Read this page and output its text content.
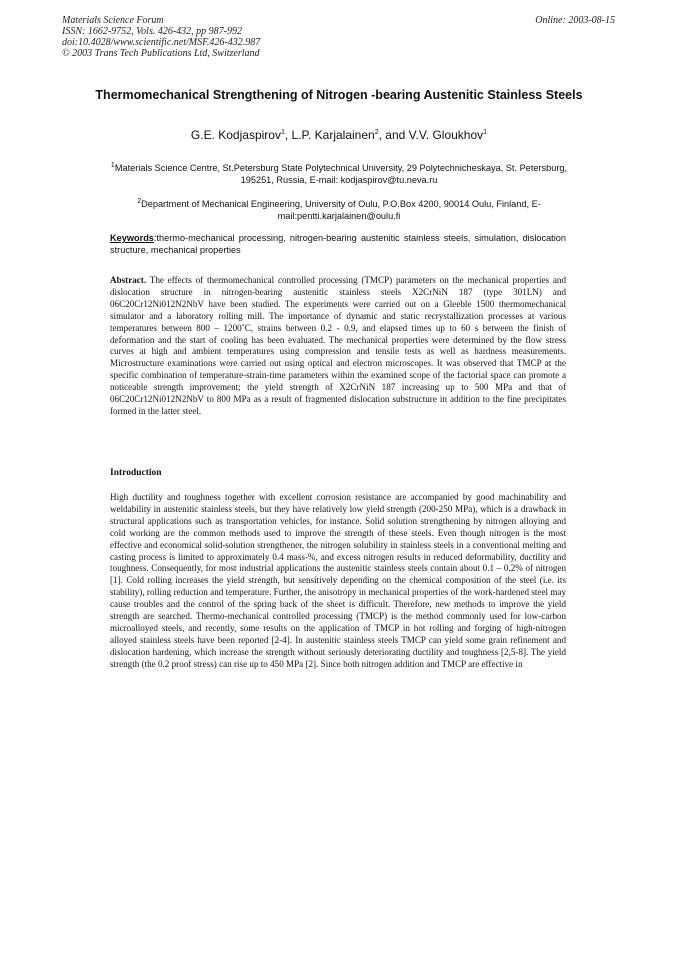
Materials Science Forum
ISSN: 1662-9752, Vols. 426-432, pp 987-992
doi:10.4028/www.scientific.net/MSF.426-432.987
© 2003 Trans Tech Publications Ltd, Switzerland
Online: 2003-08-15
Thermomechanical Strengthening of Nitrogen -bearing Austenitic Stainless Steels
G.E. Kodjaspirov$^1$, L.P. Karjalainen$^2$, and V.V. Gloukhov$^1$
$^1$Materials Science Centre, St.Petersburg State Polytechnical University, 29 Polytechnicheskaya, St. Petersburg, 195251, Russia, E-mail: kodjaspirov@tu.neva.ru
$^2$Department of Mechanical Engineering, University of Oulu, P.O.Box 4200, 90014 Oulu, Finland, E-mail:pentti.karjalainen@oulu.fi
Keywords:thermo-mechanical processing, nitrogen-bearing austenitic stainless steels, simulation, dislocation structure, mechanical properties
Abstract. The effects of thermomechanical controlled processing (TMCP) parameters on the mechanical properties and dislocation structure in nitrogen-bearing austenitic stainless steels X2CrNiN 187 (type 301LN) and 06C20Cr12Ni012N2NbV have been studied. The experiments were carried out on a Gleeble 1500 thermomechanical simulator and a laboratory rolling mill. The importance of dynamic and static recrystallization processes at various temperatures between 800 – 1200˚C, strains between 0.2 - 0.9, and elapsed times up to 60 s between the finish of deformation and the start of cooling has been evaluated. The mechanical properties were determined by the flow stress curves at high and ambient temperatures using compression and tensile tests as well as hardness measurements. Microstructure examinations were carried out using optical and electron microscopes. It was observed that TMCP at the specific combination of temperature-strain-time parameters within the examined scope of the factorial space can promote a noticeable strength improvement; the yield strength of X2CrNiN 187 increasing up to 500 MPa and that of 06C20Cr12Ni012N2NbV to 800 MPa as a result of fragmented dislocation substructure in addition to the fine precipitates formed in the latter steel.
Introduction
High ductility and toughness together with excellent corrosion resistance are accompanied by good machinability and weldability in austenitic stainless steels, but they have relatively low yield strength (200-250 MPa), which is a drawback in structural applications such as transportation vehicles, for instance. Solid solution strengthening by nitrogen alloying and cold working are the common methods used to improve the strength of these steels. Even though nitrogen is the most effective and economical solid-solution strengthener, the nitrogen solubility in stainless steels in a conventional melting and casting process is limited to approximately 0.4 mass-%, and excess nitrogen results in reduced deformability, ductility and toughness. Consequently, for most industrial applications the austenitic stainless steels contain about 0.1 – 0.2% of nitrogen [1]. Cold rolling increases the yield strength, but sensitively depending on the chemical composition of the steel (i.e. its stability), rolling reduction and temperature. Further, the anisotropy in mechanical properties of the work-hardened steel may cause troubles and the control of the spring back of the sheet is difficult. Therefore, new methods to improve the yield strength are searched. Thermo-mechanical controlled processing (TMCP) is the method commonly used for low-carbon microalloyed steels, and recently, some results on the application of TMCP in hot rolling and forging of high-nitrogen alloyed stainless steels have been reported [2-4]. In austenitic stainless steels TMCP can yield some grain refinement and dislocation hardening, which increase the strength without seriously deteriorating ductility and toughness [2,5-8]. The yield strength (the 0.2 proof stress) can rise up to 450 MPa [2]. Since both nitrogen addition and TMCP are effective in
